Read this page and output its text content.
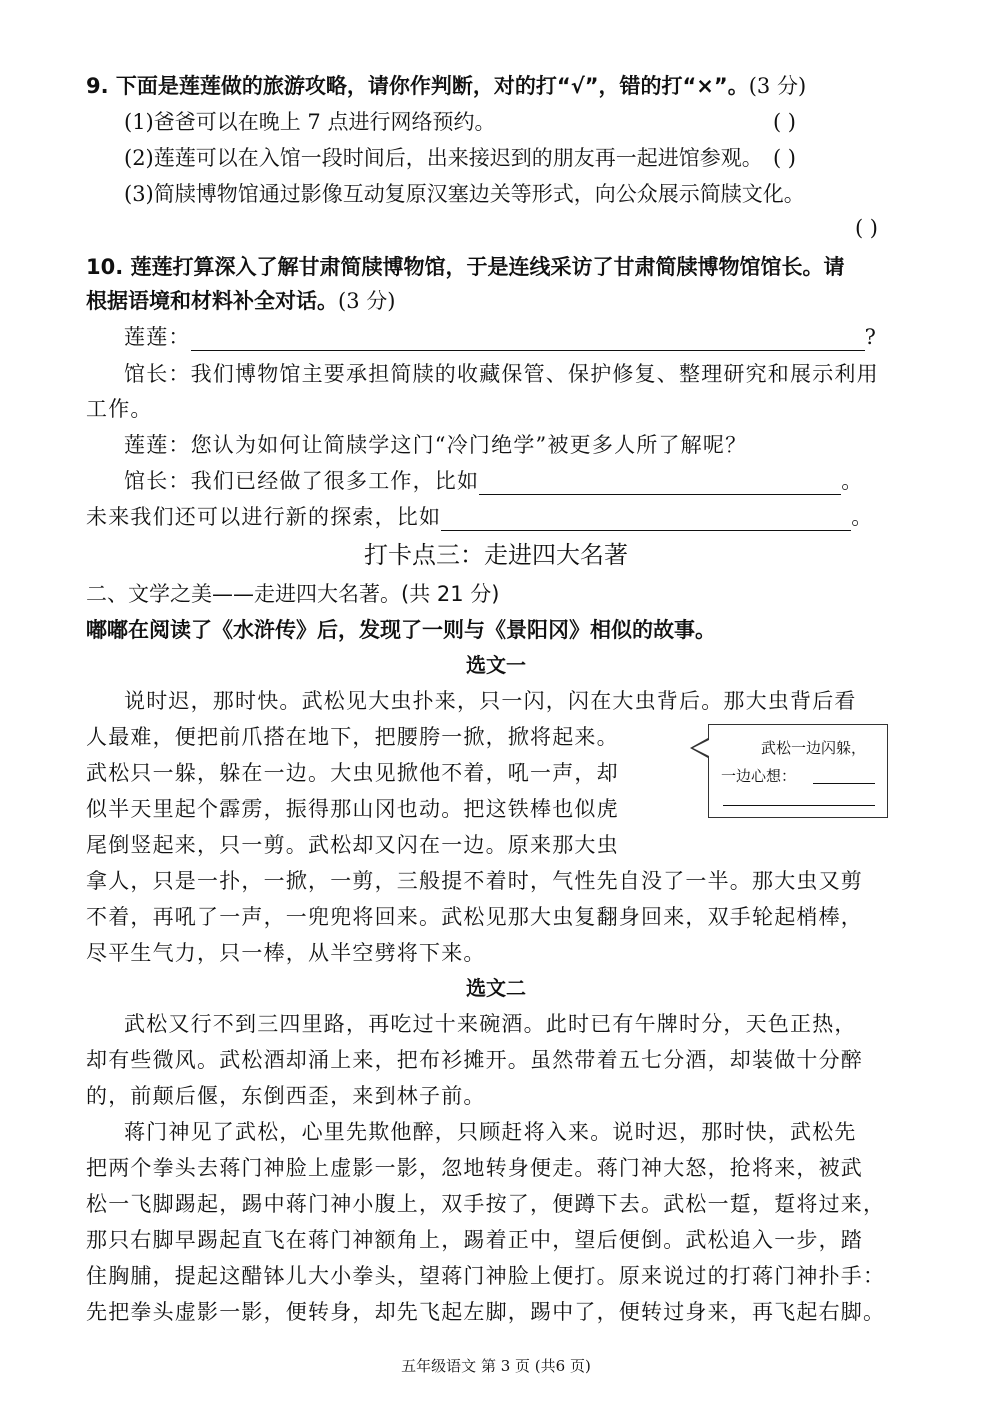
9. 下面是莲莲做的旅游攻略，请你作判断，对的打“√”，错的打“×”。(3 分)
(1)爸爸可以在晚上 7 点进行网络预约。	( )
(2)莲莲可以在入馆一段时间后，出来接迟到的朋友再一起进馆参观。 ( )
(3)简牍博物馆通过影像互动复原汉塞边关等形式，向公众展示简牍文化。
( )
10. 莲莲打算深入了解甘肃简牍博物馆，于是连线采访了甘肃简牍博物馆馆长。请
根据语境和材料补全对话。(3 分)
莲莲：	?
馆长：我们博物馆主要承担简牍的收藏保管、保护修复、整理研究和展示利用
工作。
莲莲：您认为如何让简牍学这门“冷门绝学”被更多人所了解呢？
馆长：我们已经做了很多工作，比如	。
未来我们还可以进行新的探索，比如	。
打卡点三：走进四大名著
二、文学之美——走进四大名著。(共 21 分)
嘟嘟在阅读了《水浒传》后，发现了一则与《景阳冈》相似的故事。
选文一
说时迟，那时快。武松见大虫扑来，只一闪，闪在大虫背后。那大虫背后看
人最难，便把前爪搭在地下，把腰胯一掀，掀将起来。
武松只一躲，躲在一边。大虫见掀他不着，吼一声，却
似半天里起个霹雳，振得那山冈也动。把这铁棒也似虎
尾倒竖起来，只一剪。武松却又闪在一边。原来那大虫
拿人，只是一扑，一掀，一剪，三般提不着时，气性先自没了一半。那大虫又剪
不着，再吼了一声，一兜兜将回来。武松见那大虫复翻身回来，双手轮起梢棒，
尽平生气力，只一棒，从半空劈将下来。
武松一边闪躲，
一边心想：
选文二
武松又行不到三四里路，再吃过十来碗酒。此时已有午牌时分，天色正热，
却有些微风。武松酒却涌上来，把布衫摊开。虽然带着五七分酒，却装做十分醉
的，前颠后偃，东倒西歪，来到林子前。
蒋门神见了武松，心里先欺他醉，只顾赶将入来。说时迟，那时快，武松先
把两个拳头去蒋门神脸上虚影一影，忽地转身便走。蒋门神大怒，抢将来，被武
松一飞脚踢起，踢中蒋门神小腹上，双手按了，便蹲下去。武松一踅，踅将过来，
那只右脚早踢起直飞在蒋门神额角上，踢着正中，望后便倒。武松追入一步，踏
住胸脯，提起这醋钵儿大小拳头，望蒋门神脸上便打。原来说过的打蒋门神扑手：
先把拳头虚影一影，便转身，却先飞起左脚，踢中了，便转过身来，再飞起右脚。
五年级语文 第 3 页 (共6 页)
